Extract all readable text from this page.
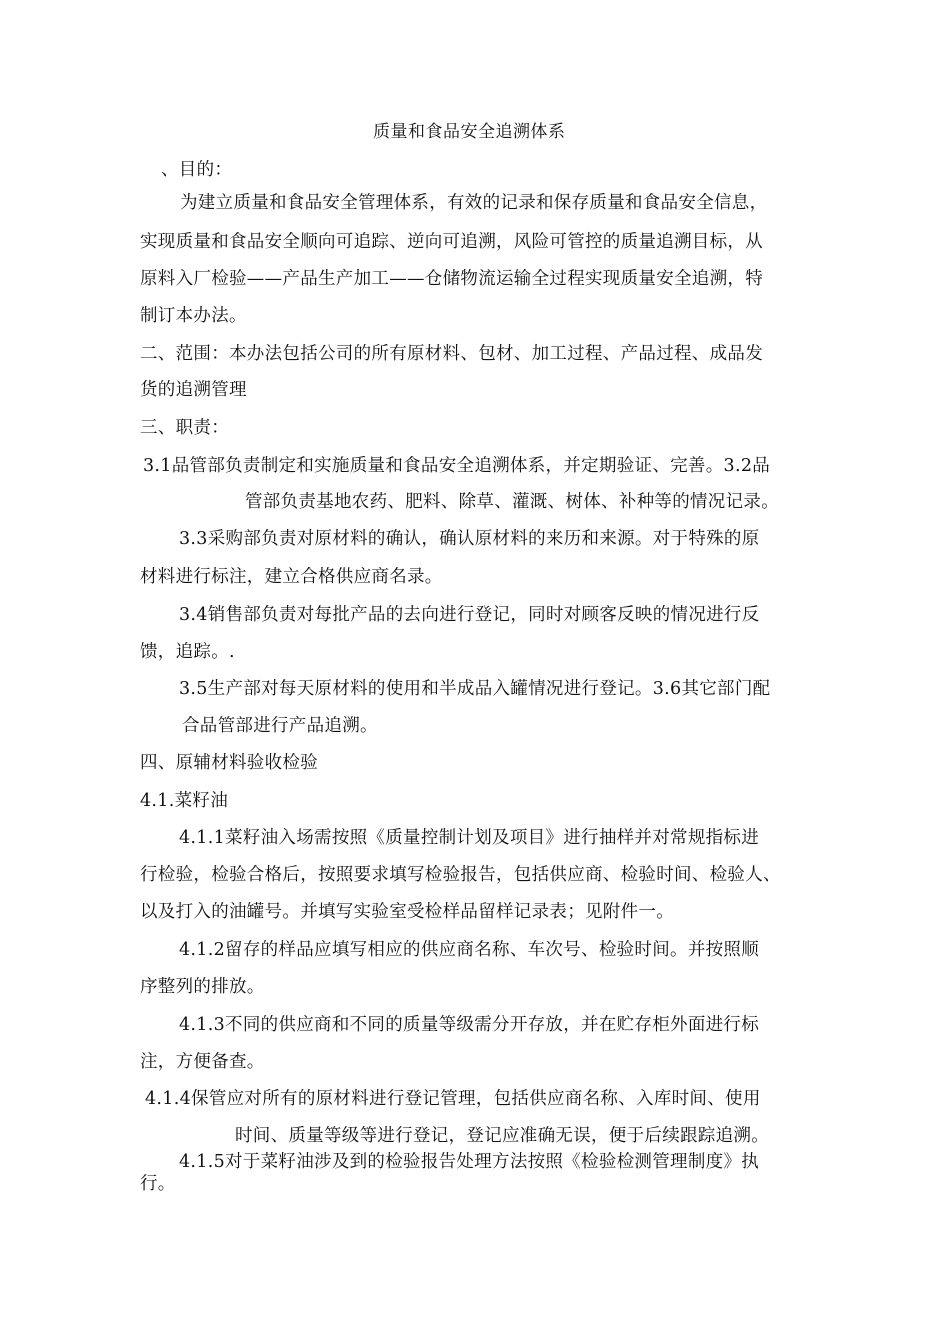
质量和食品安全追溯体系
、目的：
为建立质量和食品安全管理体系，有效的记录和保存质量和食品安全信息，
实现质量和食品安全顺向可追踪、逆向可追溯，风险可管控的质量追溯目标，从
原料入厂检验——产品生产加工——仓储物流运输全过程实现质量安全追溯，特
制订本办法。
二、范围：本办法包括公司的所有原材料、包材、加工过程、产品过程、成品发
货的追溯管理
三、职责：
3.1品管部负责制定和实施质量和食品安全追溯体系，并定期验证、完善。3.2品
管部负责基地农药、肥料、除草、灌溉、树体、补种等的情况记录。
3.3采购部负责对原材料的确认，确认原材料的来历和来源。对于特殊的原
材料进行标注，建立合格供应商名录。
3.4销售部负责对每批产品的去向进行登记，同时对顾客反映的情况进行反
馈，追踪。.
3.5生产部对每天原材料的使用和半成品入罐情况进行登记。3.6其它部门配
合品管部进行产品追溯。
四、原辅材料验收检验
4.1.菜籽油
4.1.1菜籽油入场需按照《质量控制计划及项目》进行抽样并对常规指标进
行检验，检验合格后，按照要求填写检验报告，包括供应商、检验时间、检验人、
以及打入的油罐号。并填写实验室受检样品留样记录表；见附件一。
4.1.2留存的样品应填写相应的供应商名称、车次号、检验时间。并按照顺
序整列的排放。
4.1.3不同的供应商和不同的质量等级需分开存放，并在贮存柜外面进行标
注，方便备查。
4.1.4保管应对所有的原材料进行登记管理，包括供应商名称、入库时间、使用
时间、质量等级等进行登记，登记应准确无误，便于后续跟踪追溯。
4.1.5对于菜籽油涉及到的检验报告处理方法按照《检验检测管理制度》执
行。
